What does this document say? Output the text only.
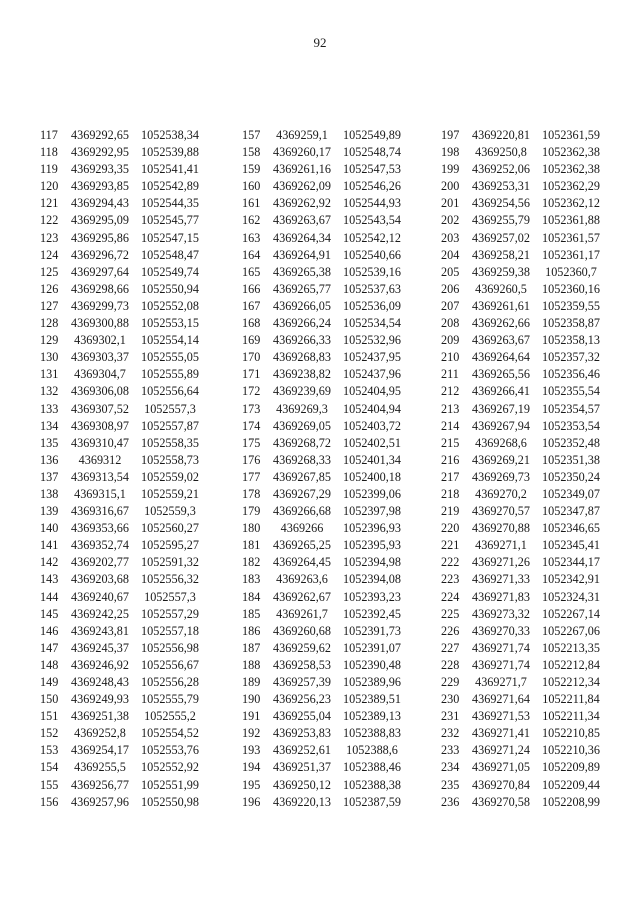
92
117	4369292,65 1052538,34
118	4369292,95 1052539,88
119	4369293,35 1052541,41
120	4369293,85 1052542,89
121	4369294,43 1052544,35
122	4369295,09 1052545,77
123	4369295,86 1052547,15
124	4369296,72 1052548,47
125	4369297,64 1052549,74
126	4369298,66 1052550,94
127	4369299,73 1052552,08
128	4369300,88 1052553,15
129	4369302,1	1052554,14
130	4369303,37 1052555,05
131	4369304,7	1052555,89
132	4369306,08 1052556,64
133	4369307,52	1052557,3
134	4369308,97 1052557,87
135	4369310,47 1052558,35
136	4369312	1052558,73
137	4369313,54 1052559,02
138	4369315,1	1052559,21
139	4369316,67	1052559,3
140	4369353,66 1052560,27
141	4369352,74 1052595,27
142	4369202,77 1052591,32
143	4369203,68 1052556,32
144	4369240,67	1052557,3
145	4369242,25 1052557,29
146	4369243,81 1052557,18
147	4369245,37 1052556,98
148	4369246,92 1052556,67
149	4369248,43 1052556,28
150	4369249,93 1052555,79
151	4369251,38	1052555,2
152	4369252,8	1052554,52
153	4369254,17 1052553,76
154	4369255,5	1052552,92
155	4369256,77 1052551,99
156	4369257,96 1052550,98
157	4369259,1	1052549,89
158	4369260,17 1052548,74
159	4369261,16 1052547,53
160	4369262,09 1052546,26
161	4369262,92 1052544,93
162	4369263,67 1052543,54
163	4369264,34 1052542,12
164	4369264,91 1052540,66
165	4369265,38 1052539,16
166	4369265,77 1052537,63
167	4369266,05 1052536,09
168	4369266,24 1052534,54
169	4369266,33 1052532,96
170	4369268,83 1052437,95
171	4369238,82 1052437,96
172	4369239,69 1052404,95
173	4369269,3	1052404,94
174	4369269,05 1052403,72
175	4369268,72 1052402,51
176	4369268,33 1052401,34
177	4369267,85 1052400,18
178	4369267,29 1052399,06
179	4369266,68 1052397,98
180	4369266	1052396,93
181	4369265,25 1052395,93
182	4369264,45 1052394,98
183	4369263,6	1052394,08
184	4369262,67 1052393,23
185	4369261,7	1052392,45
186	4369260,68 1052391,73
187	4369259,62 1052391,07
188	4369258,53 1052390,48
189	4369257,39 1052389,96
190	4369256,23 1052389,51
191	4369255,04 1052389,13
192	4369253,83 1052388,83
193	4369252,61	1052388,6
194	4369251,37 1052388,46
195	4369250,12 1052388,38
196	4369220,13 1052387,59
197	4369220,81 1052361,59
198	4369250,8	1052362,38
199	4369252,06 1052362,38
200	4369253,31 1052362,29
201	4369254,56 1052362,12
202	4369255,79 1052361,88
203	4369257,02 1052361,57
204	4369258,21 1052361,17
205	4369259,38	1052360,7
206	4369260,5	1052360,16
207	4369261,61 1052359,55
208	4369262,66 1052358,87
209	4369263,67 1052358,13
210	4369264,64 1052357,32
211	4369265,56 1052356,46
212	4369266,41 1052355,54
213	4369267,19 1052354,57
214	4369267,94 1052353,54
215	4369268,6	1052352,48
216	4369269,21 1052351,38
217	4369269,73 1052350,24
218	4369270,2	1052349,07
219	4369270,57 1052347,87
220	4369270,88 1052346,65
221	4369271,1	1052345,41
222	4369271,26 1052344,17
223	4369271,33 1052342,91
224	4369271,83 1052324,31
225	4369273,32 1052267,14
226	4369270,33 1052267,06
227	4369271,74 1052213,35
228	4369271,74 1052212,84
229	4369271,7	1052212,34
230	4369271,64	1052211,84
231	4369271,53	1052211,34
232	4369271,41 1052210,85
233	4369271,24 1052210,36
234	4369271,05 1052209,89
235	4369270,84 1052209,44
236	4369270,58 1052208,99
